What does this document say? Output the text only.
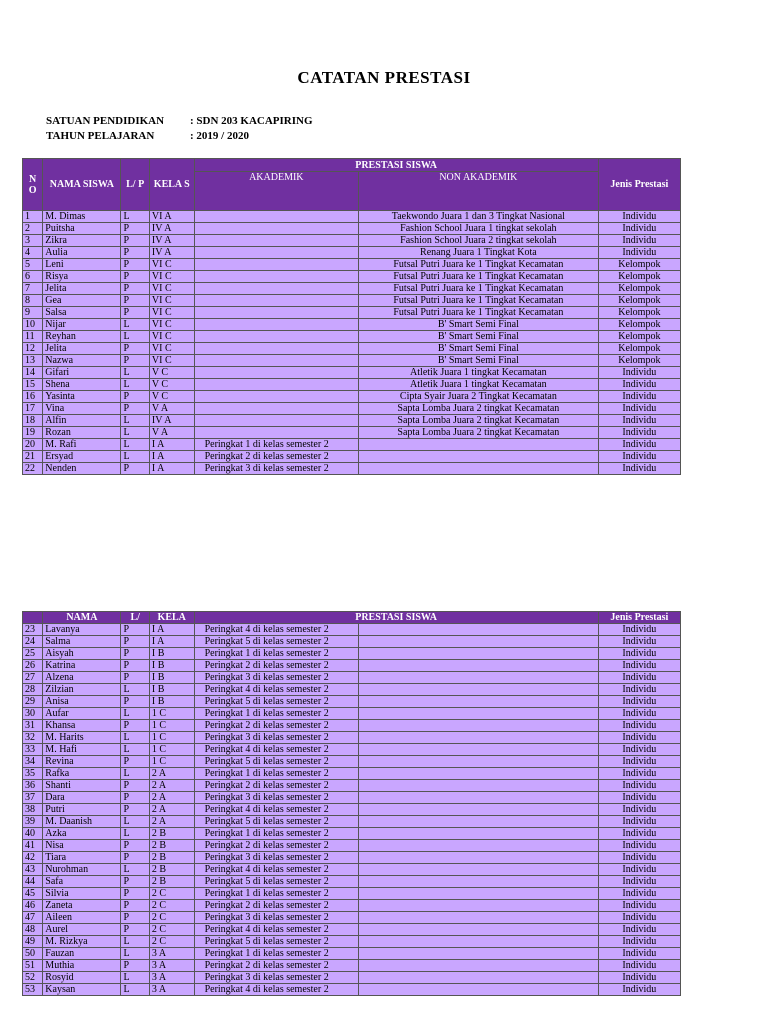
CATATAN PRESTASI
SATUAN PENDIDIKAN : SDN 203 KACAPIRING
TAHUN PELAJARAN	: 2019 / 2020
N O	NAMA SISWA	L/ P	KELA S	PRESTASI SISWA		Jenis Prestasi
				AKADEMIK	NON AKADEMIK	
1	M. Dimas	L	VI A		Taekwondo Juara 1 dan 3 Tingkat Nasional	Individu
2	Puitsha	P	IV A		Fashion School Juara 1 tingkat sekolah	Individu
3	Zikra	P	IV A		Fashion School Juara 2 tingkat sekolah	Individu
4	Aulia	P	IV A		Renang Juara 1 Tingkat Kota	Individu
5	Leni	P	VI C		Futsal Putri Juara ke 1 Tingkat Kecamatan	Kelompok
6	Risya	P	VI C		Futsal Putri Juara ke 1 Tingkat Kecamatan	Kelompok
7	Jelita	P	VI C		Futsal Putri Juara ke 1 Tingkat Kecamatan	Kelompok
8	Gea	P	VI C		Futsal Putri Juara ke 1 Tingkat Kecamatan	Kelompok
9	Salsa	P	VI C		Futsal Putri Juara ke 1 Tingkat Kecamatan	Kelompok
10	Nijar	L	VI C		B' Smart Semi Final	Kelompok
11	Reyhan	L	VI C		B' Smart Semi Final	Kelompok
12	Jelita	P	VI C		B' Smart Semi Final	Kelompok
13	Nazwa	P	VI C		B' Smart Semi Final	Kelompok
14	Gifari	L	V C		Atletik Juara 1 tingkat Kecamatan	Individu
15	Shena	L	V C		Atletik Juara 1 tingkat Kecamatan	Individu
16	Yasinta	P	V C		Cipta Syair Juara 2 Tingkat Kecamatan	Individu
17	Vina	P	V A		Sapta Lomba Juara 2 tingkat Kecamatan	Individu
18	Alfin	L	IV A		Sapta Lomba Juara 2 tingkat Kecamatan	Individu
19	Rozan	L	V A		Sapta Lomba Juara 2 tingkat Kecamatan	Individu
20	M. Rafi	L	I A	Peringkat 1 di kelas semester 2		Individu
21	Ersyad	L	I A	Peringkat 2 di kelas semester 2		Individu
22	Nenden	P	I A	Peringkat 3 di kelas semester 2		Individu
	NAMA	L/	KELA	PRESTASI SISWA		Jenis Prestasi
23	Lavanya	P	I A	Peringkat 4 di kelas semester 2		Individu
24	Salma	P	I A	Peringkat 5 di kelas semester 2		Individu
25	Aisyah	P	I B	Peringkat 1 di kelas semester 2		Individu
26	Katrina	P	I B	Peringkat 2 di kelas semester 2		Individu
27	Alzena	P	I B	Peringkat 3 di kelas semester 2		Individu
28	Zilzian	L	I B	Peringkat 4 di kelas semester 2		Individu
29	Anisa	P	I B	Peringkat 5 di kelas semester 2		Individu
30	Aufar	L	1 C	Peringkat 1 di kelas semester 2		Individu
31	Khansa	P	1 C	Peringkat 2 di kelas semester 2		Individu
32	M. Harits	L	1 C	Peringkat 3 di kelas semester 2		Individu
33	M. Hafi	L	1 C	Peringkat 4 di kelas semester 2		Individu
34	Revina	P	1 C	Peringkat 5 di kelas semester 2		Individu
35	Rafka	L	2 A	Peringkat 1 di kelas semester 2		Individu
36	Shanti	P	2 A	Peringkat 2 di kelas semester 2		Individu
37	Dara	P	2 A	Peringkat 3 di kelas semester 2		Individu
38	Putri	P	2 A	Peringkat 4 di kelas semester 2		Individu
39	M. Daanish	L	2 A	Peringkat 5 di kelas semester 2		Individu
40	Azka	L	2 B	Peringkat 1 di kelas semester 2		Individu
41	Nisa	P	2 B	Peringkat 2 di kelas semester 2		Individu
42	Tiara	P	2 B	Peringkat 3 di kelas semester 2		Individu
43	Nurohman	L	2 B	Peringkat 4 di kelas semester 2		Individu
44	Safa	P	2 B	Peringkat 5 di kelas semester 2		Individu
45	Silvia	P	2 C	Peringkat 1 di kelas semester 2		Individu
46	Zaneta	P	2 C	Peringkat 2 di kelas semester 2		Individu
47	Aileen	P	2 C	Peringkat 3 di kelas semester 2		Individu
48	Aurel	P	2 C	Peringkat 4 di kelas semester 2		Individu
49	M. Rizkya	L	2 C	Peringkat 5 di kelas semester 2		Individu
50	Fauzan	L	3 A	Peringkat 1 di kelas semester 2		Individu
51	Muthia	P	3 A	Peringkat 2 di kelas semester 2		Individu
52	Rosyid	L	3 A	Peringkat 3 di kelas semester 2		Individu
53	Kaysan	L	3 A	Peringkat 4 di kelas semester 2		Individu
